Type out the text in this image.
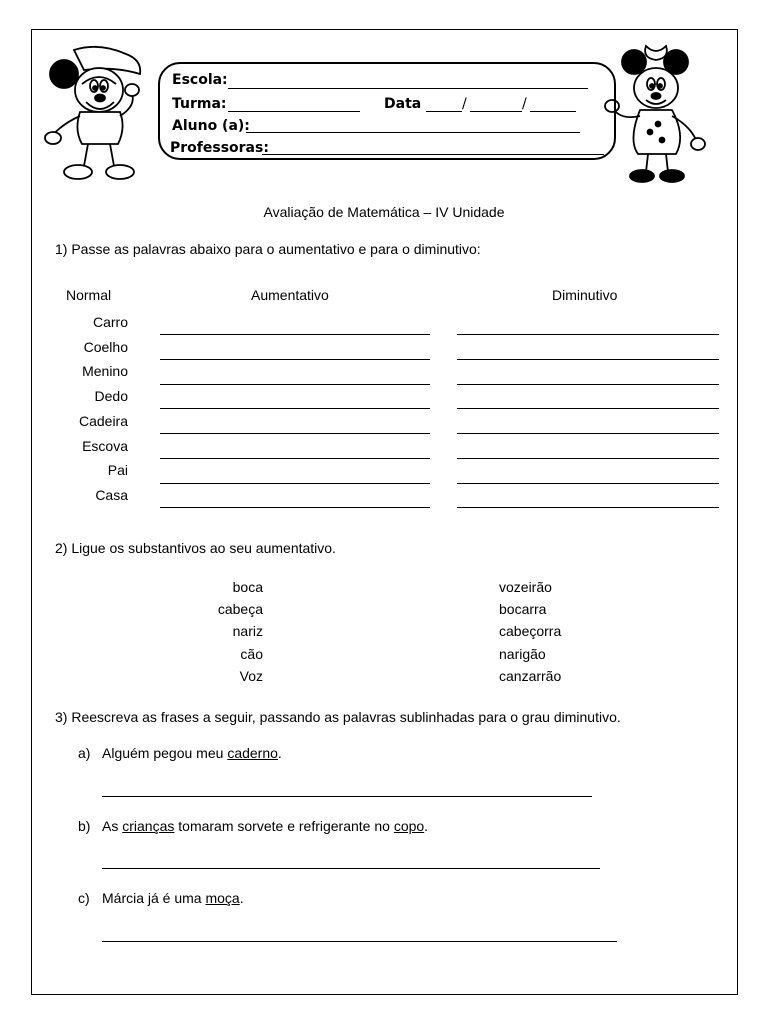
Escola:
Turma:	Data	/	/
Aluno (a):
Professoras:
Avaliação de Matemática – IV Unidade
1) Passe as palavras abaixo para o aumentativo e para o diminutivo:
Normal	Aumentativo	Diminutivo
Carro
Coelho
Menino
Dedo
Cadeira
Escova
Pai
Casa
2) Ligue os substantivos ao seu aumentativo.
boca
cabeça
nariz
cão
Voz
vozeirão
bocarra
cabeçorra
narigão
canzarrão
3) Reescreva as frases a seguir, passando as palavras sublinhadas para o grau diminutivo.
a) Alguém pegou meu caderno.
b) As crianças tomaram sorvete e refrigerante no copo.
c) Márcia já é uma moça.
